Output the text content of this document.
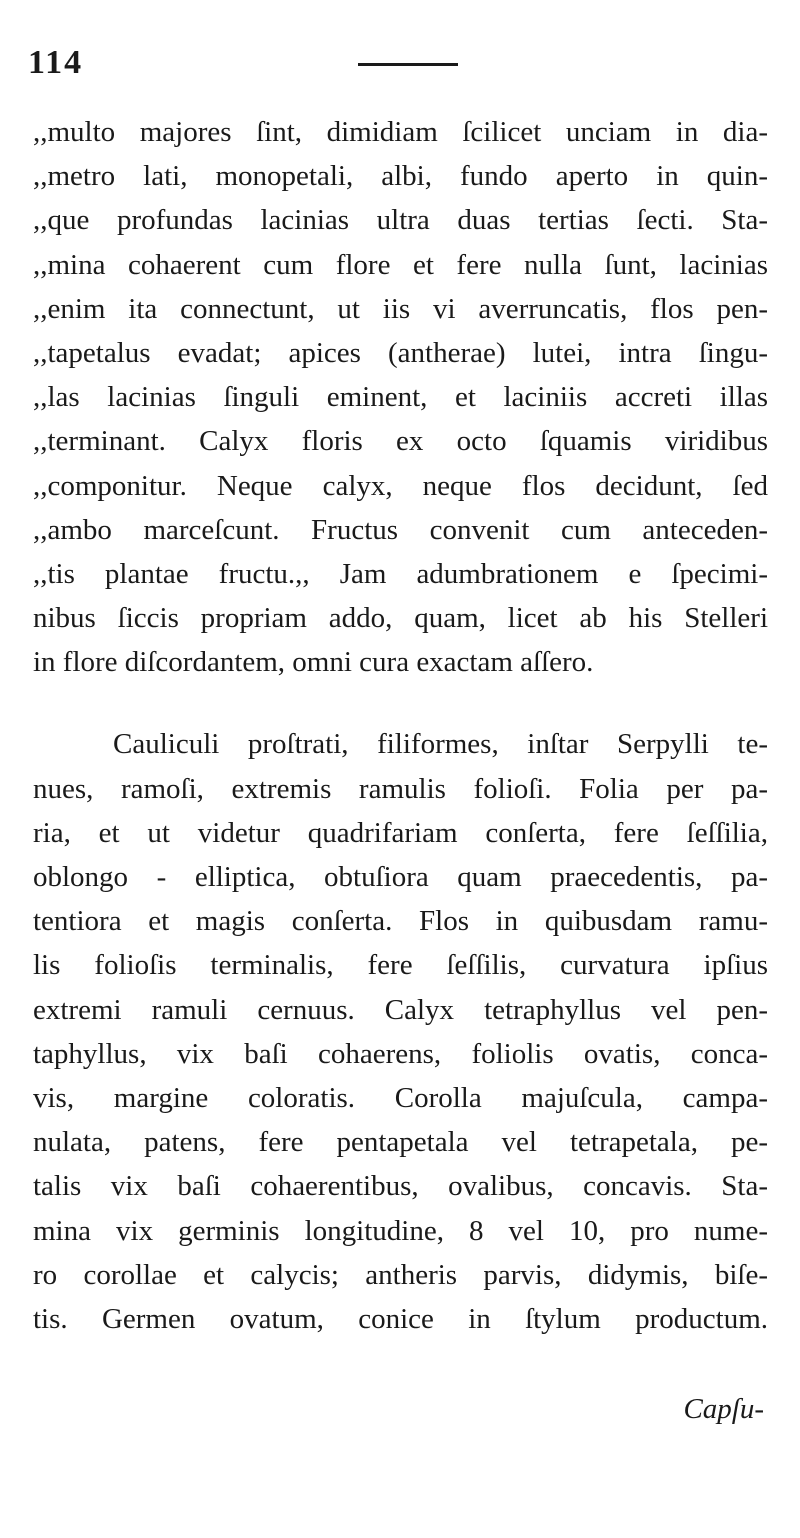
114
,,multo majores ſint, dimidiam ſcilicet unciam in dia-
,,metro lati, monopetali, albi, fundo aperto in quin-
,,que profundas lacinias ultra duas tertias ſecti. Sta-
,,mina cohaerent cum flore et fere nulla ſunt, lacinias
,,enim ita connectunt, ut iis vi averruncatis, flos pen-
,,tapetalus evadat; apices (antherae) lutei, intra ſingu-
,,las lacinias ſinguli eminent, et laciniis accreti illas
,,terminant. Calyx floris ex octo ſquamis viridibus
,,componitur. Neque calyx, neque flos decidunt, ſed
,,ambo marceſcunt. Fructus convenit cum anteceden-
,,tis plantae fructu.,, Jam adumbrationem e ſpecimi-
nibus ſiccis propriam addo, quam, licet ab his Stelleri
in flore diſcordantem, omni cura exactam aſſero.
Cauliculi proſtrati, filiformes, inſtar Serpylli te-
nues, ramoſi, extremis ramulis folioſi. Folia per pa-
ria, et ut videtur quadrifariam conſerta, fere ſeſſilia,
oblongo - elliptica, obtuſiora quam praecedentis, pa-
tentiora et magis conſerta. Flos in quibusdam ramu-
lis folioſis terminalis, fere ſeſſilis, curvatura ipſius
extremi ramuli cernuus. Calyx tetraphyllus vel pen-
taphyllus, vix baſi cohaerens, foliolis ovatis, conca-
vis, margine coloratis. Corolla majuſcula, campa-
nulata, patens, fere pentapetala vel tetrapetala, pe-
talis vix baſi cohaerentibus, ovalibus, concavis. Sta-
mina vix germinis longitudine, 8 vel 10, pro nume-
ro corollae et calycis; antheris parvis, didymis, biſe-
tis. Germen ovatum, conice in ſtylum productum.
Capſu-
